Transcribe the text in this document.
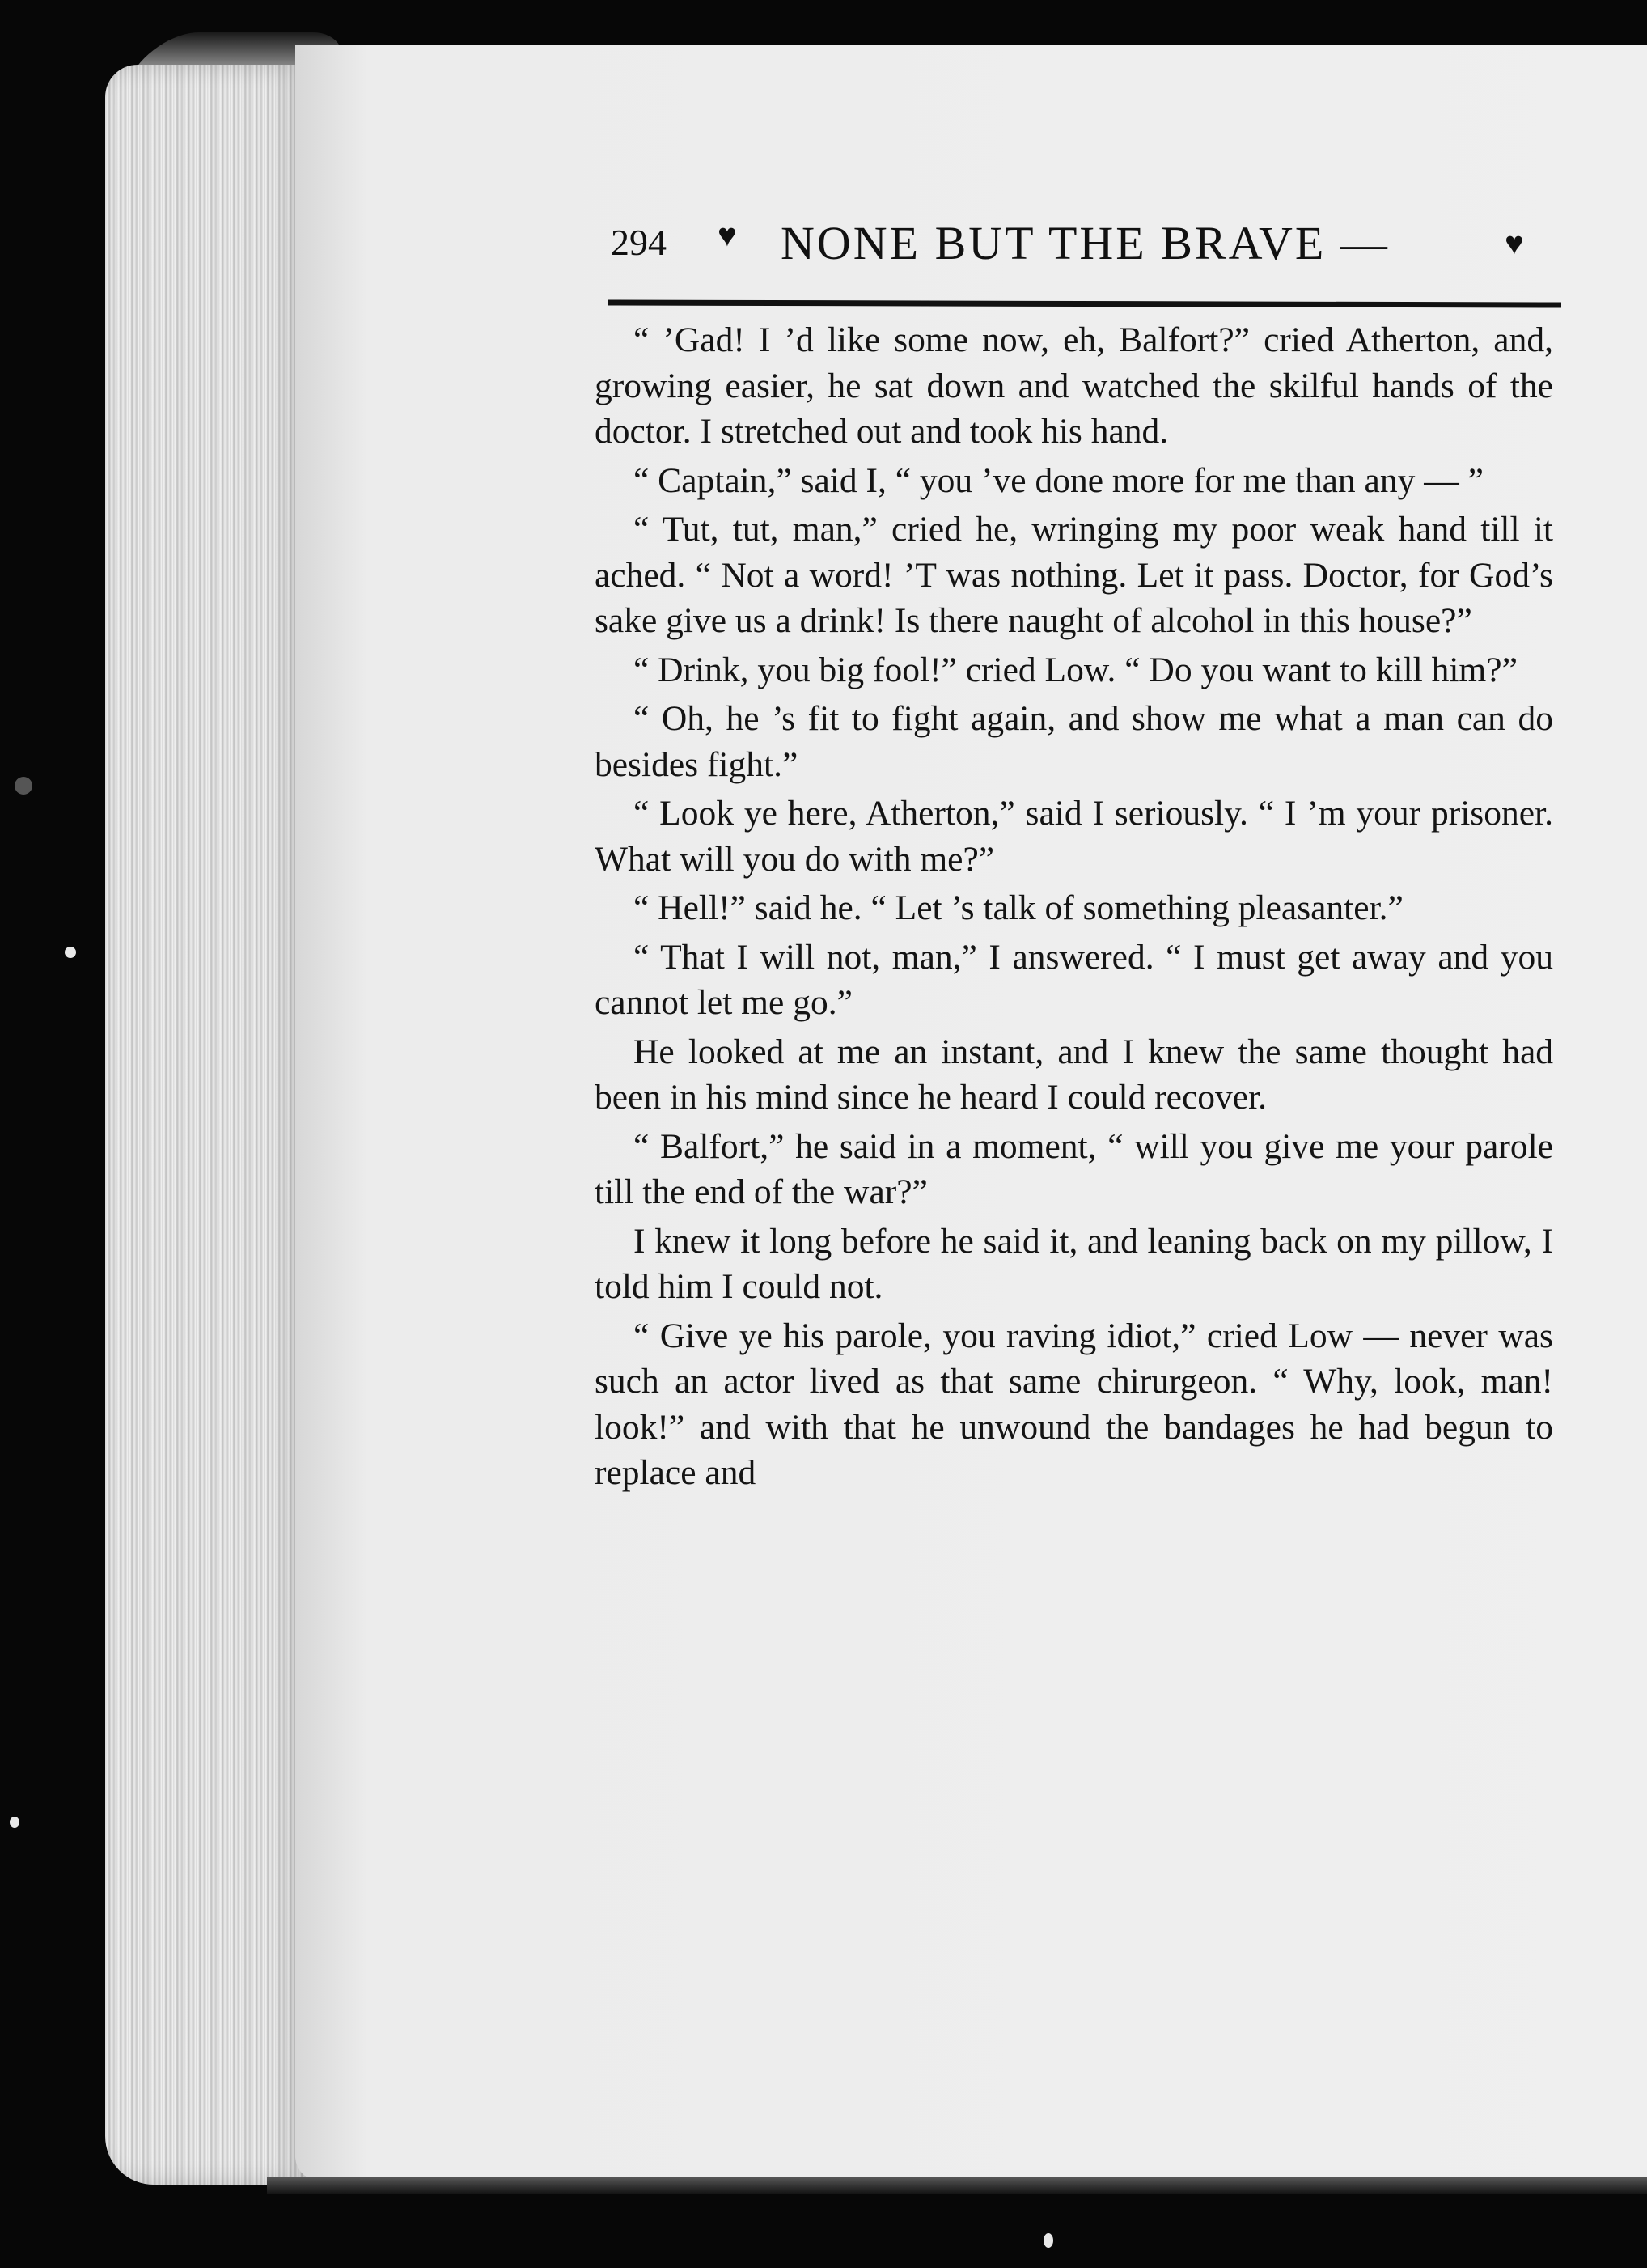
294 ♥ NONE BUT THE BRAVE —	♥

“ ’Gad! I ’d like some now, eh, Balfort?” cried Atherton, and, growing easier, he sat down and watched the skilful hands of the doctor. I stretched out and took his hand.

“ Captain,” said I, “ you ’ve done more for me than any — ”

“ Tut, tut, man,” cried he, wringing my poor weak hand till it ached. “ Not a word! ’T was nothing. Let it pass. Doctor, for God’s sake give us a drink! Is there naught of alcohol in this house?”

“ Drink, you big fool!” cried Low. “ Do you want to kill him?”

“ Oh, he ’s fit to fight again, and show me what a man can do besides fight.”

“ Look ye here, Atherton,” said I seriously. “ I ’m your prisoner. What will you do with me?”

“ Hell!” said he. “ Let ’s talk of something pleasanter.”

“ That I will not, man,” I answered. “ I must get away and you cannot let me go.”

He looked at me an instant, and I knew the same thought had been in his mind since he heard I could recover.

“ Balfort,” he said in a moment, “ will you give me your parole till the end of the war?”

I knew it long before he said it, and leaning back on my pillow, I told him I could not.

“ Give ye his parole, you raving idiot,” cried Low — never was such an actor lived as that same chirurgeon. “ Why, look, man! look!” and with that he unwound the bandages he had begun to replace and
